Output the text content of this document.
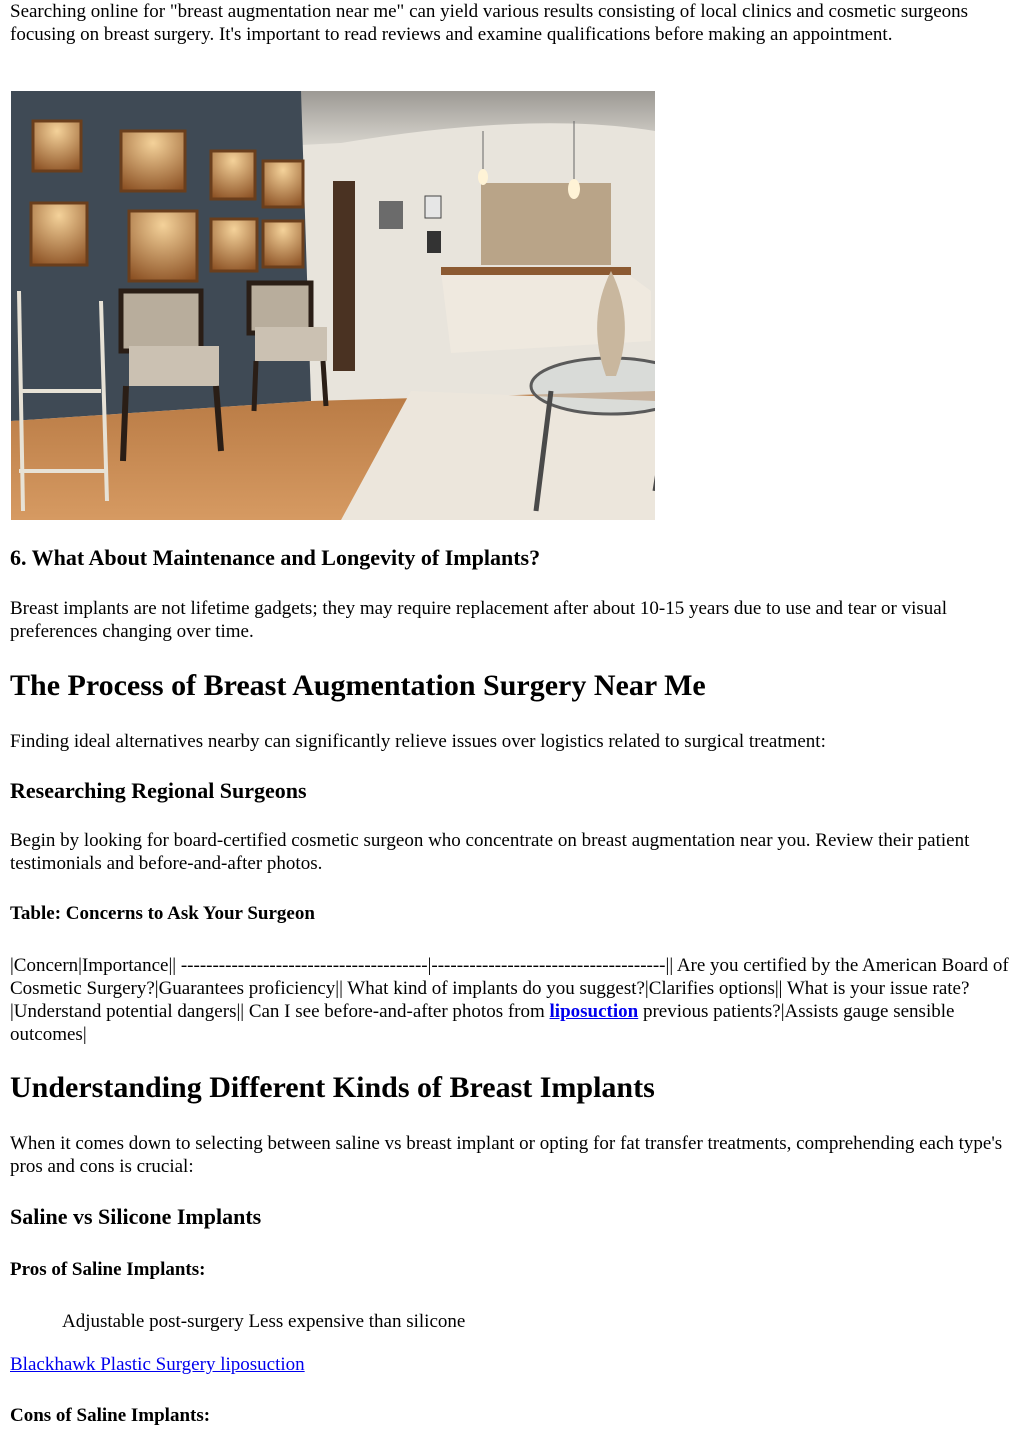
Searching online for "breast augmentation near me" can yield various results consisting of local clinics and cosmetic surgeons focusing on breast surgery. It's important to read reviews and examine qualifications before making an appointment.

6. What About Maintenance and Longevity of Implants?

Breast implants are not lifetime gadgets; they may require replacement after about 10-15 years due to use and tear or visual preferences changing over time.

The Process of Breast Augmentation Surgery Near Me

Finding ideal alternatives nearby can significantly relieve issues over logistics related to surgical treatment:

Researching Regional Surgeons

Begin by looking for board-certified cosmetic surgeon who concentrate on breast augmentation near you. Review their patient testimonials and before-and-after photos.

Table: Concerns to Ask Your Surgeon

|Concern|Importance|| ---------------------------------------|-------------------------------------|| Are you certified by the American Board of Cosmetic Surgery?|Guarantees proficiency|| What kind of implants do you suggest?|Clarifies options|| What is your issue rate?|Understand potential dangers|| Can I see before-and-after photos from liposuction previous patients?|Assists gauge sensible outcomes|

Understanding Different Kinds of Breast Implants

When it comes down to selecting between saline vs breast implant or opting for fat transfer treatments, comprehending each type's pros and cons is crucial:

Saline vs Silicone Implants
Pros of Saline Implants:

Adjustable post-surgery Less expensive than silicone

Blackhawk Plastic Surgery liposuction

Cons of Saline Implants:
